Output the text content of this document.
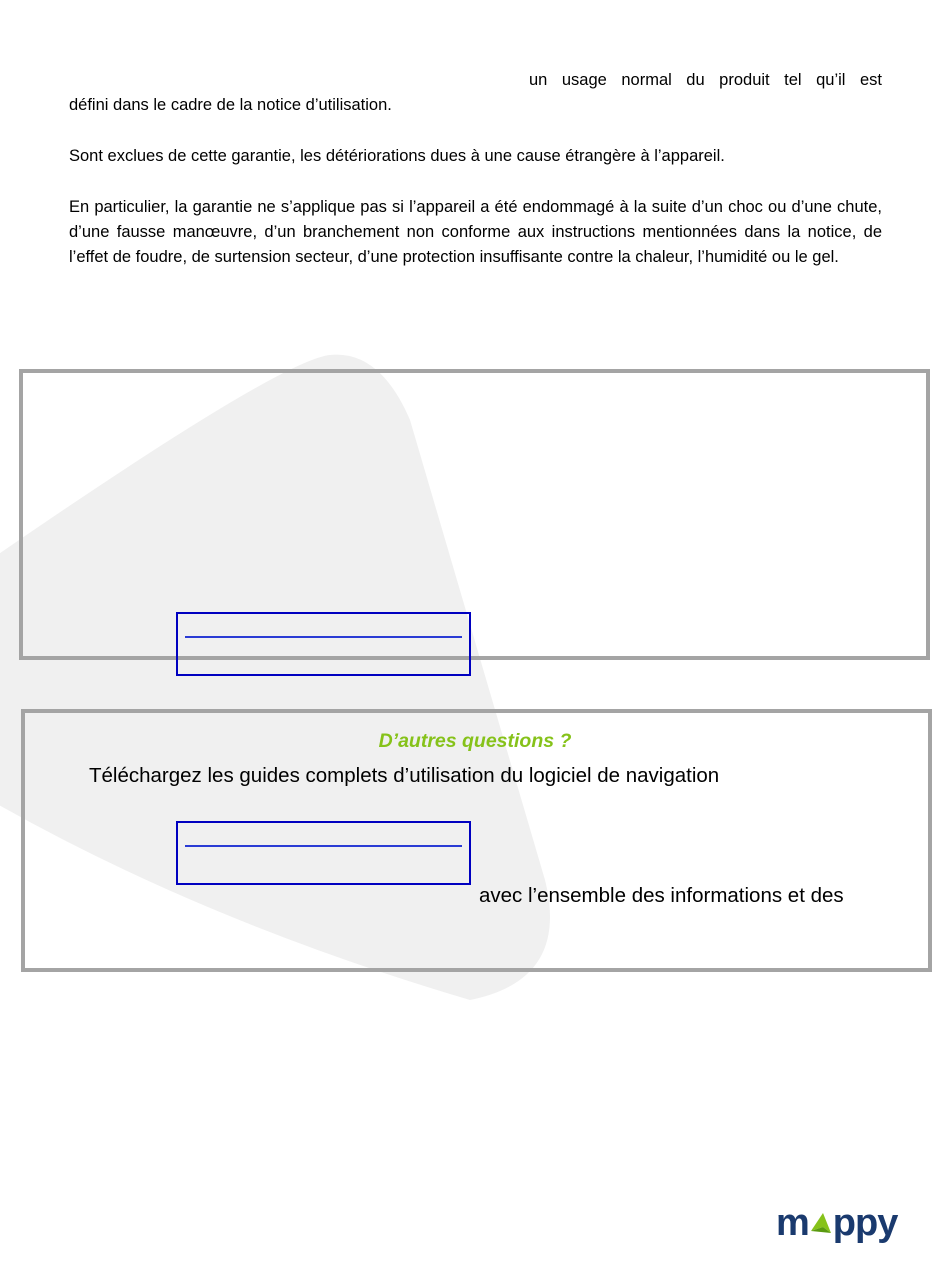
un usage normal du produit tel qu’il est
défini dans le cadre de la notice d’utilisation.
Sont exclues de cette garantie, les détériorations dues à une cause étrangère à l’appareil.
En particulier, la garantie ne s’applique pas si l’appareil a été endommagé à la suite d’un choc ou d’une chute, d’une fausse manœuvre, d’un branchement non conforme aux instructions mentionnées dans la notice, de l’effet de foudre, de surtension secteur, d’une protection insuffisante contre la chaleur, l’humidité ou le gel.
D’autres questions ?
Téléchargez les guides complets d’utilisation du logiciel de navigation
avec l’ensemble des informations et des
m ppy
